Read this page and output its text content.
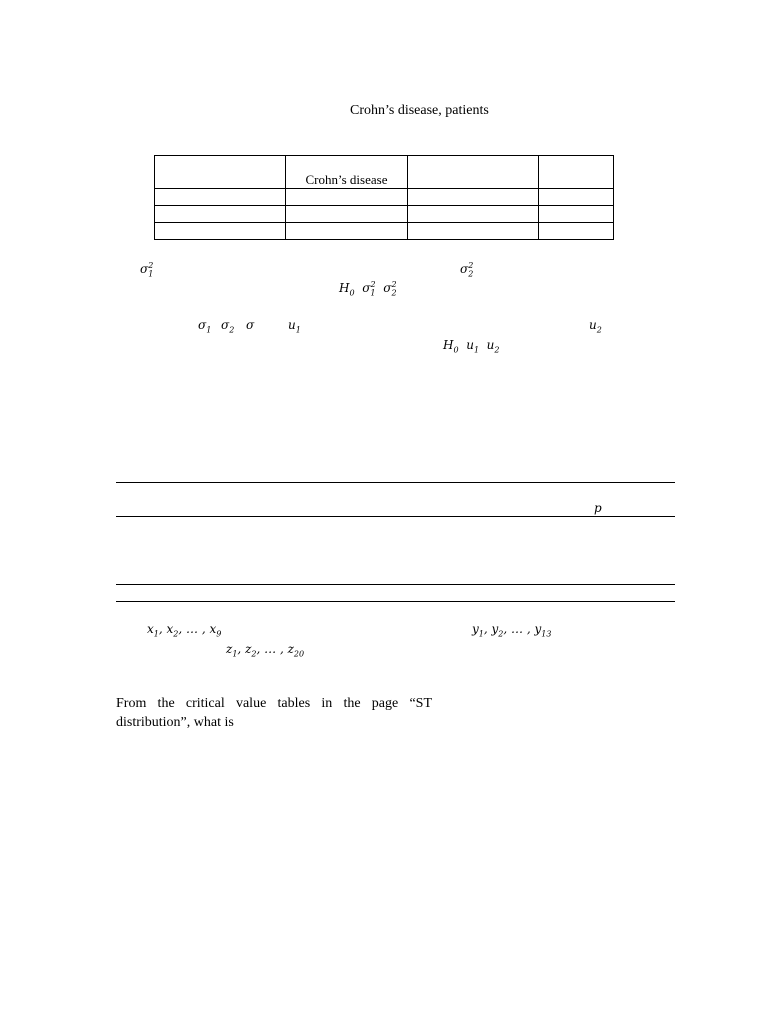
Crohn’s disease, patients
	Crohn’s disease		

$\sigma_1^2$	$\sigma_2^2$
$H_0$ $\sigma_1^2$ $\sigma_2^2$
$\sigma_1$ $\sigma_2$ σ	$u_1$	$u_2$
$H_0$ $u_1$ $u_2$
p
$x_1$, $x_2$, … , $x_9$	$y_1$, $y_2$, … , $y_{13}$
$z_1$, $z_2$, … , $z_{20}$
From the critical value tables in the page “ST distribution”, what is
